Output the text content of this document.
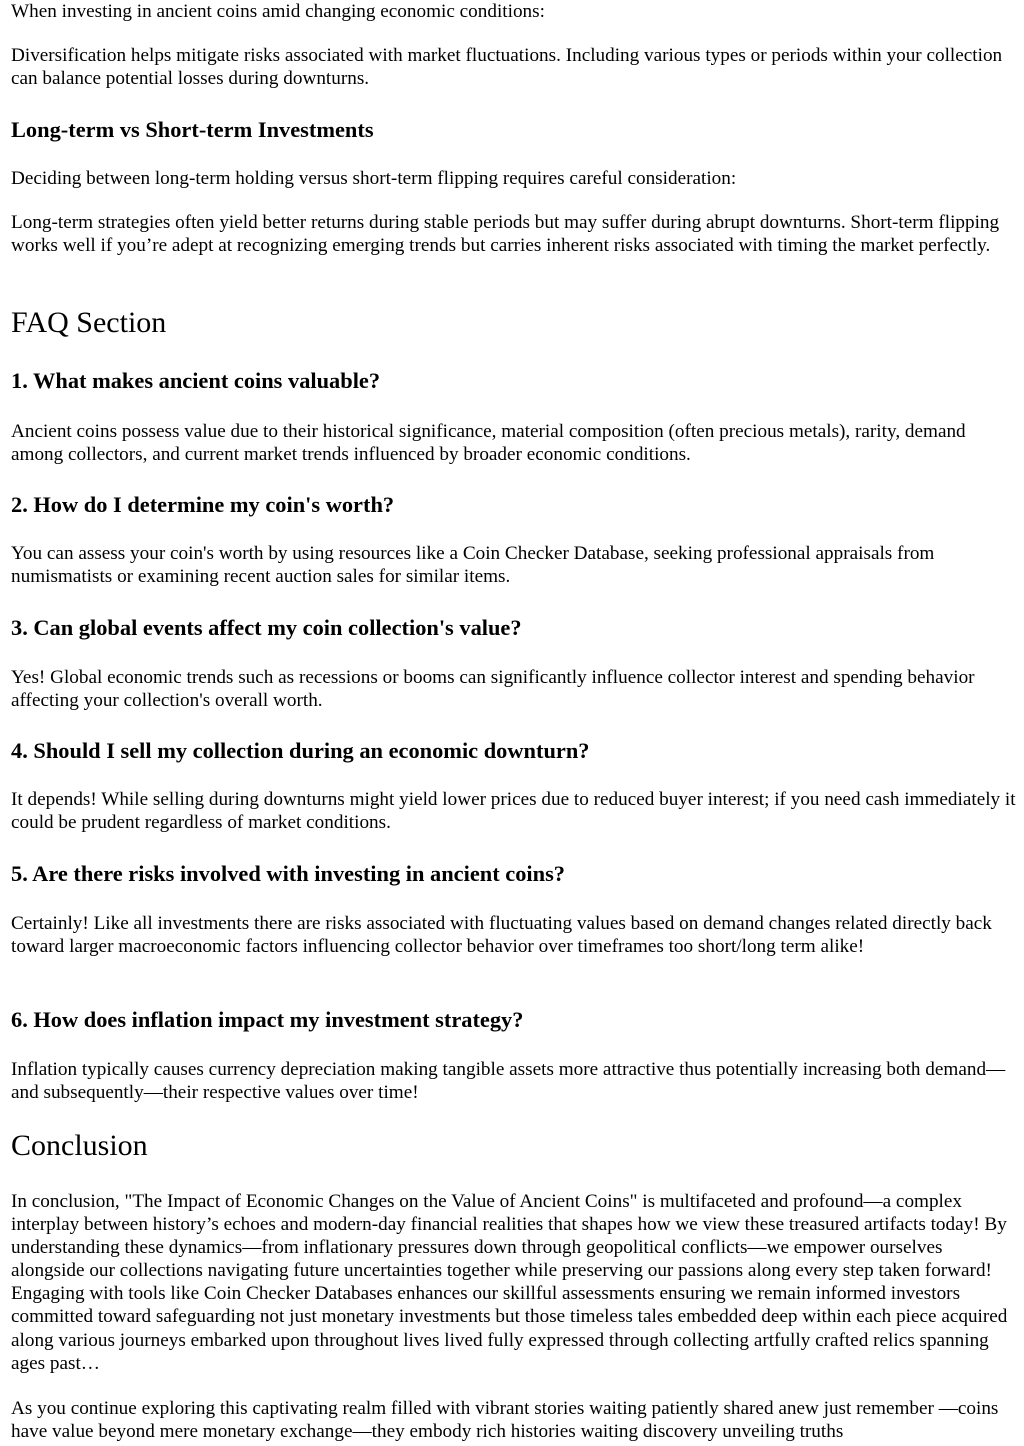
When investing in ancient coins amid changing economic conditions:

Diversification helps mitigate risks associated with market fluctuations. Including various types or periods within your collection can balance potential losses during downturns.

Long-term vs Short-term Investments

Deciding between long-term holding versus short-term flipping requires careful consideration:

Long-term strategies often yield better returns during stable periods but may suffer during abrupt downturns. Short-term flipping works well if you’re adept at recognizing emerging trends but carries inherent risks associated with timing the market perfectly.

FAQ Section
1. What makes ancient coins valuable?

Ancient coins possess value due to their historical significance, material composition (often precious metals), rarity, demand among collectors, and current market trends influenced by broader economic conditions.

2. How do I determine my coin's worth?

You can assess your coin's worth by using resources like a Coin Checker Database, seeking professional appraisals from numismatists or examining recent auction sales for similar items.

3. Can global events affect my coin collection's value?

Yes! Global economic trends such as recessions or booms can significantly influence collector interest and spending behavior affecting your collection's overall worth.

4. Should I sell my collection during an economic downturn?

It depends! While selling during downturns might yield lower prices due to reduced buyer interest; if you need cash immediately it could be prudent regardless of market conditions.

5. Are there risks involved with investing in ancient coins?

Certainly! Like all investments there are risks associated with fluctuating values based on demand changes related directly back toward larger macroeconomic factors influencing collector behavior over timeframes too short/long term alike!

6. How does inflation impact my investment strategy?

Inflation typically causes currency depreciation making tangible assets more attractive thus potentially increasing both demand—and subsequently—their respective values over time!

Conclusion

In conclusion, "The Impact of Economic Changes on the Value of Ancient Coins" is multifaceted and profound—a complex interplay between history’s echoes and modern-day financial realities that shapes how we view these treasured artifacts today! By understanding these dynamics—from inflationary pressures down through geopolitical conflicts—we empower ourselves alongside our collections navigating future uncertainties together while preserving our passions along every step taken forward! Engaging with tools like Coin Checker Databases enhances our skillful assessments ensuring we remain informed investors committed toward safeguarding not just monetary investments but those timeless tales embedded deep within each piece acquired along various journeys embarked upon throughout lives lived fully expressed through collecting artfully crafted relics spanning ages past…

As you continue exploring this captivating realm filled with vibrant stories waiting patiently shared anew just remember —coins have value beyond mere monetary exchange—they embody rich histories waiting discovery unveiling truths
